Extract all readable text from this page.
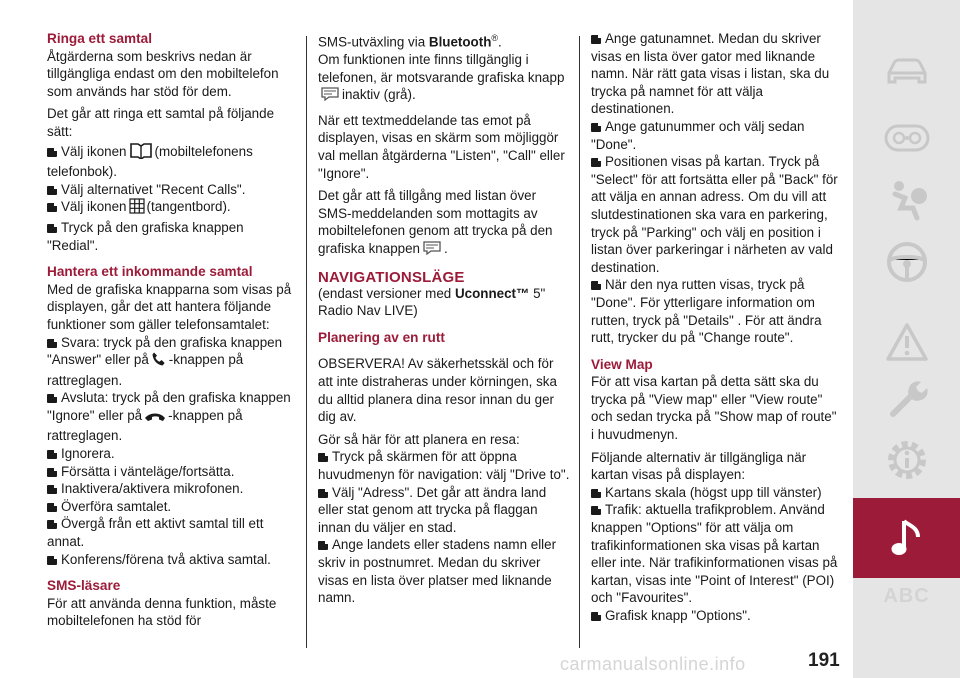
Ringa ett samtal

Åtgärderna som beskrivs nedan är tillgängliga endast om den mobiltelefon som används har stöd för dem.

Det går att ringa ett samtal på följande sätt:

Välj ikonen (mobiltelefonens telefonbok).

Välj alternativet "Recent Calls".

Välj ikonen (tangentbord).

Tryck på den grafiska knappen "Redial".

Hantera ett inkommande samtal

Med de grafiska knapparna som visas på displayen, går det att hantera följande funktioner som gäller telefonsamtalet:

Svara: tryck på den grafiska knappen "Answer" eller på -knappen på rattreglagen.

Avsluta: tryck på den grafiska knappen "Ignore" eller på -knappen på rattreglagen.

Ignorera.

Försätta i vänteläge/fortsätta.

Inaktivera/aktivera mikrofonen.

Överföra samtalet.

Övergå från ett aktivt samtal till ett annat.

Konferens/förena två aktiva samtal.

SMS-läsare

För att använda denna funktion, måste mobiltelefonen ha stöd för

SMS-utväxling via Bluetooth®.

Om funktionen inte finns tillgänglig i telefonen, är motsvarande grafiska knappinaktiv (grå).

När ett textmeddelande tas emot på displayen, visas en skärm som möjliggör val mellan åtgärderna "Listen", "Call" eller "Ignore".

Det går att få tillgång med listan över SMS-meddelanden som mottagits av mobiltelefonen genom att trycka på den grafiska knappen .

NAVIGATIONSLÄGE

(endast versioner med Uconnect™ 5" Radio Nav LIVE)

Planering av en rutt

OBSERVERA! Av säkerhetsskäl och för att inte distraheras under körningen, ska du alltid planera dina resor innan du ger dig av.

Gör så här för att planera en resa:

Tryck på skärmen för att öppna huvudmenyn för navigation: välj "Drive to".

Välj "Adress". Det går att ändra land eller stat genom att trycka på flaggan innan du väljer en stad.

Ange landets eller stadens namn eller skriv in postnumret. Medan du skriver visas en lista över platser med liknande namn.

Ange gatunamnet. Medan du skriver visas en lista över gator med liknande namn. När rätt gata visas i listan, ska du trycka på namnet för att välja destinationen.

Ange gatunummer och välj sedan "Done".

Positionen visas på kartan. Tryck på "Select" för att fortsätta eller på "Back" för att välja en annan adress. Om du vill att slutdestinationen ska vara en parkering, tryck på "Parking" och välj en position i listan över parkeringar i närheten av vald destination.

När den nya rutten visas, tryck på "Done". För ytterligare information om rutten, tryck på "Details" . För att ändra rutt, trycker du på "Change route".

View Map

För att visa kartan på detta sätt ska du trycka på "View map" eller "View route" och sedan trycka på "Show map of route" i huvudmenyn.

Följande alternativ är tillgängliga när kartan visas på displayen:

Kartans skala (högst upp till vänster)

Trafik: aktuella trafikproblem. Använd knappen "Options" för att välja om trafikinformationen ska visas på kartan eller inte. När trafikinformationen visas på kartan, visas inte "Point of Interest" (POI) och "Favourites".

Grafisk knapp "Options".

ABC
carmanualsonline.info	191
